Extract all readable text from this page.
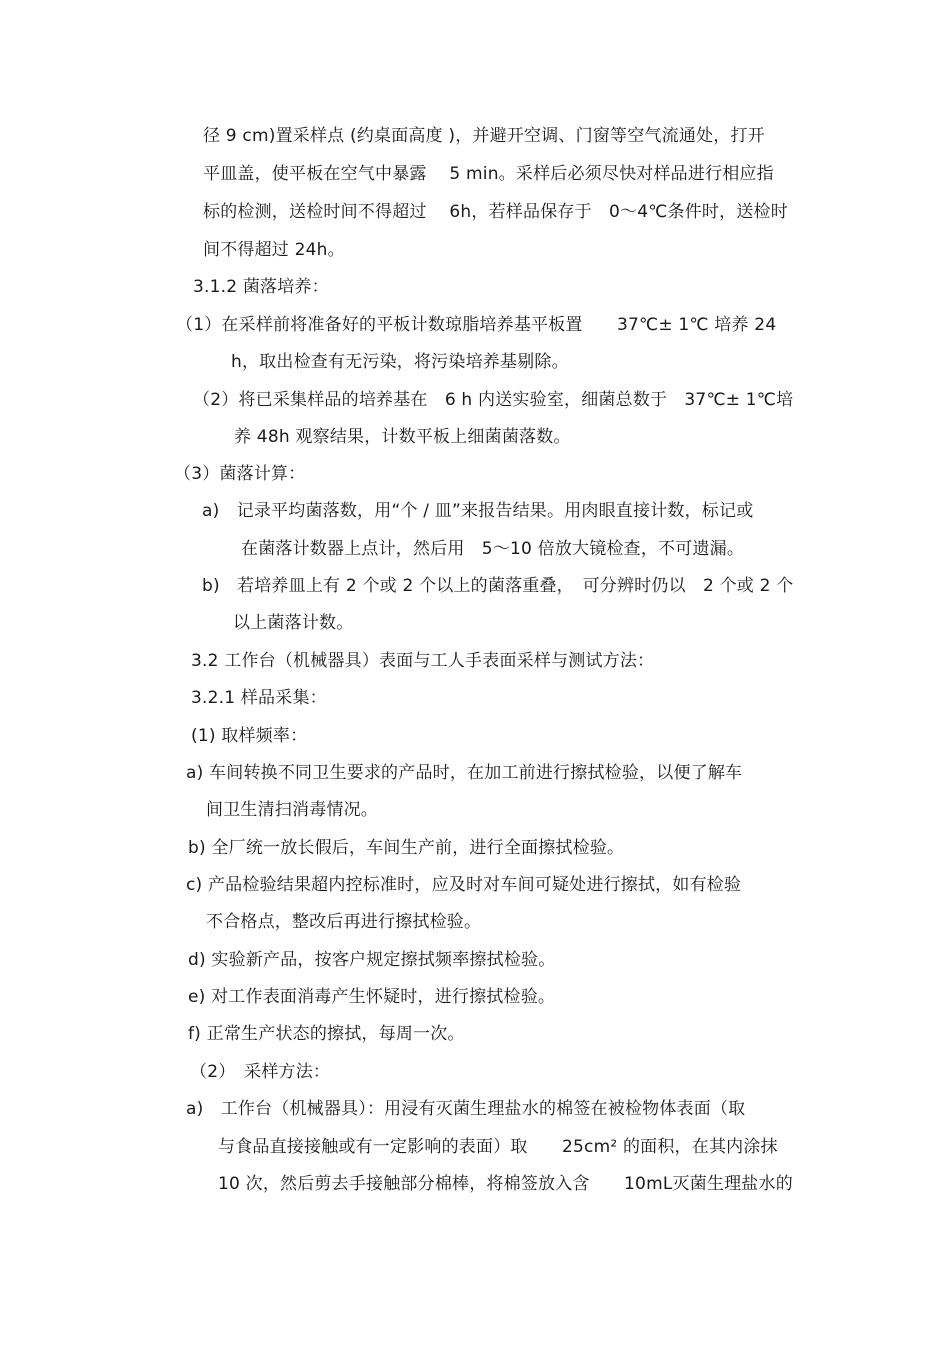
径 9 cm)置采样点 (约桌面高度 )，并避开空调、门窗等空气流通处，打开

平皿盖，使平板在空气中暴露　 5 min。采样后必须尽快对样品进行相应指

标的检测，送检时间不得超过　 6h，若样品保存于　0～4℃条件时，送检时

间不得超过 24h。

3.1.2 菌落培养：

（1）在采样前将准备好的平板计数琼脂培养基平板置　　37℃± 1℃ 培养 24

h，取出检查有无污染，将污染培养基剔除。

（2）将已采集样品的培养基在　6 h 内送实验室，细菌总数于　37℃± 1℃培

养 48h 观察结果，计数平板上细菌菌落数。

（3）菌落计算：

a)　记录平均菌落数，用“个 / 皿”来报告结果。用肉眼直接计数，标记或

在菌落计数器上点计，然后用　5～10 倍放大镜检查，不可遗漏。

b)　若培养皿上有 2 个或 2 个以上的菌落重叠，　可分辨时仍以　2 个或 2 个

以上菌落计数。

3.2 工作台（机械器具）表面与工人手表面采样与测试方法：

3.2.1 样品采集：

(1) 取样频率：

a) 车间转换不同卫生要求的产品时，在加工前进行擦拭检验，以便了解车

间卫生清扫消毒情况。

b) 全厂统一放长假后，车间生产前，进行全面擦拭检验。

c) 产品检验结果超内控标准时，应及时对车间可疑处进行擦拭，如有检验

不合格点，整改后再进行擦拭检验。

d) 实验新产品，按客户规定擦拭频率擦拭检验。

e) 对工作表面消毒产生怀疑时，进行擦拭检验。

f) 正常生产状态的擦拭，每周一次。

（2）　采样方法：

a)　工作台（机械器具）：用浸有灭菌生理盐水的棉签在被检物体表面（取

与食品直接接触或有一定影响的表面）取　　25cm² 的面积，在其内涂抹

10 次，然后剪去手接触部分棉棒，将棉签放入含　　10mL灭菌生理盐水的
